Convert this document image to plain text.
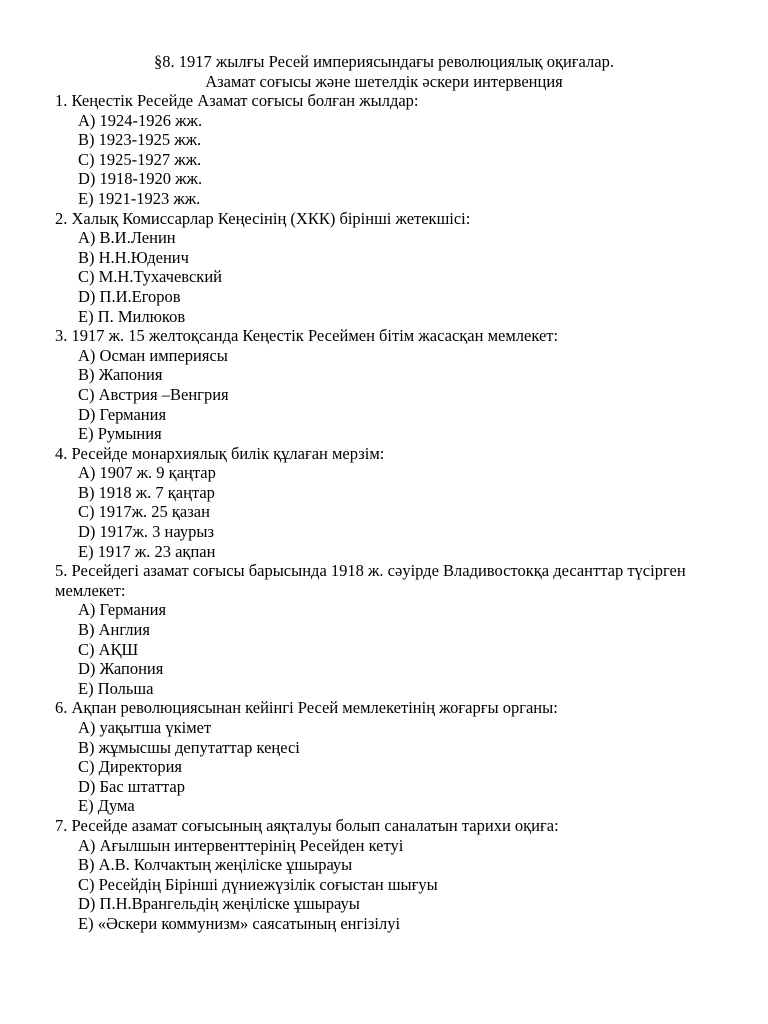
§8. 1917 жылғы Ресей империясындағы революциялық оқиғалар.
Азамат соғысы және шетелдік әскери интервенция
1. Кеңестік Ресейде Азамат соғысы болған жылдар:
A) 1924-1926 жж.
B) 1923-1925 жж.
C) 1925-1927 жж.
D) 1918-1920 жж.
E) 1921-1923 жж.
2. Халық Комиссарлар Кеңесінің (ХКК) бірінші жетекшісі:
A) В.И.Ленин
B) Н.Н.Юденич
C) М.Н.Тухачевский
D) П.И.Егоров
E) П. Милюков
3. 1917 ж. 15 желтоқсанда Кеңестік Ресеймен бітім жасасқан мемлекет:
A) Осман империясы
B) Жапония
C) Австрия –Венгрия
D) Германия
E) Румыния
4. Ресейде монархиялық билік құлаған мерзім:
A) 1907 ж. 9 қаңтар
B) 1918 ж. 7 қаңтар
C) 1917ж. 25 қазан
D) 1917ж. 3 наурыз
E) 1917 ж. 23 ақпан
5. Ресейдегі азамат соғысы барысында 1918 ж. сәуірде Владивостокқа десанттар түсірген мемлекет:
A) Германия
B) Англия
C) АҚШ
D) Жапония
E) Польша
6. Ақпан революциясынан кейінгі Ресей мемлекетінің жоғарғы органы:
A) уақытша үкімет
B) жұмысшы депутаттар кеңесі
C) Директория
D) Бас штаттар
E) Дума
7. Ресейде азамат соғысының аяқталуы болып саналатын тарихи оқиға:
A) Ағылшын интервенттерінің Ресейден кетуі
B) А.В. Колчактың жеңіліске ұшырауы
C) Ресейдің Бірінші дүниежүзілік соғыстан шығуы
D) П.Н.Врангельдің жеңіліске ұшырауы
E) «Әскери коммунизм» саясатының енгізілуі
